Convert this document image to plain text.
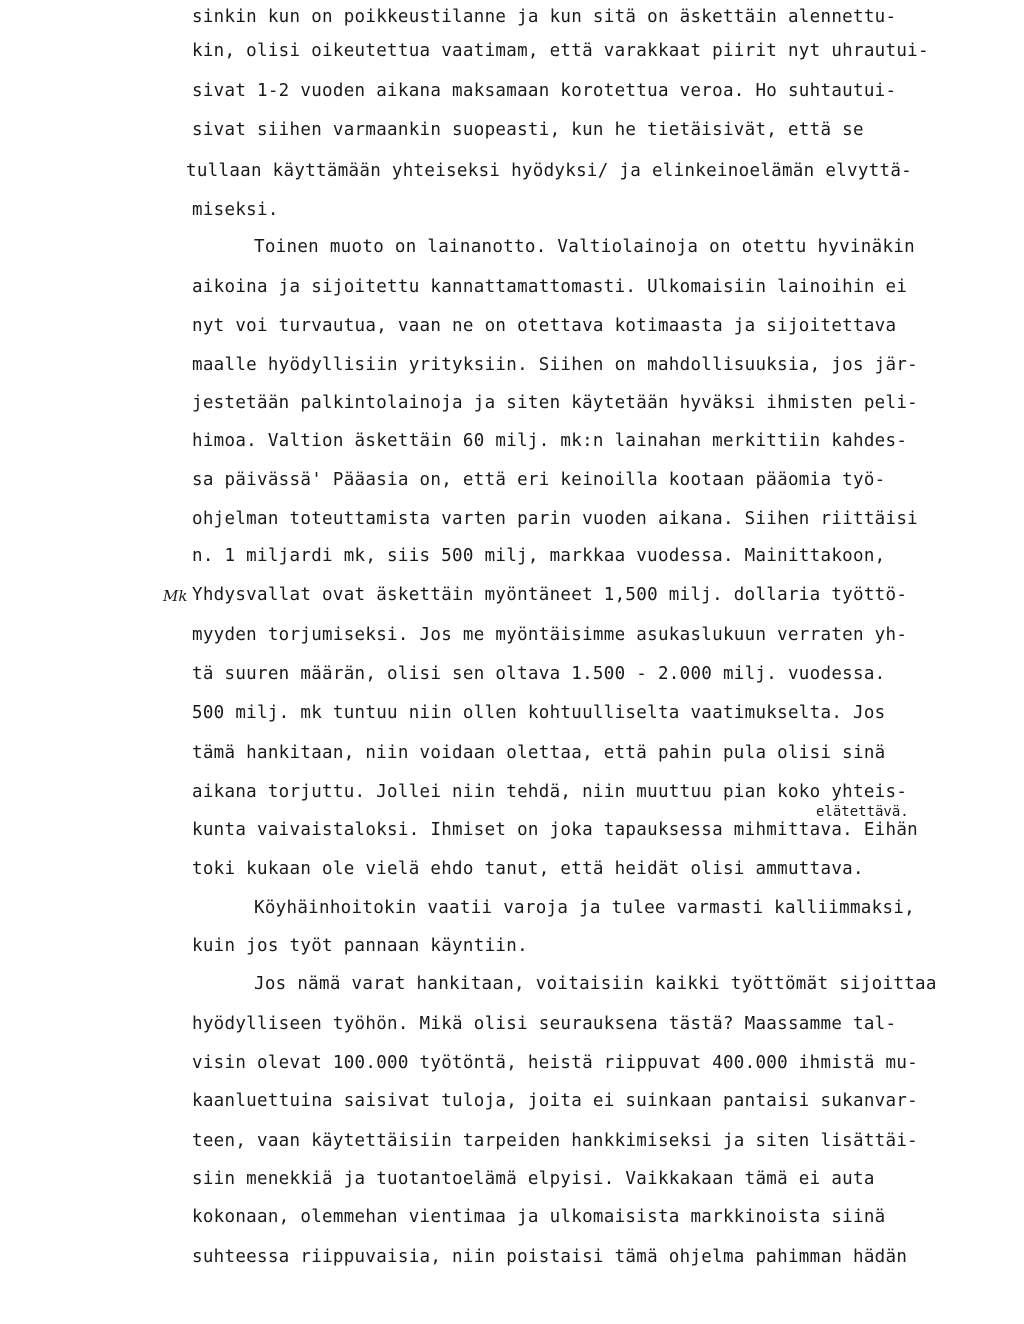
sinkin kun on poikkeustilanne ja kun sitä on äskettäin alennettu-
kin, olisi oikeutettua vaatimam, että varakkaat piirit nyt uhrautui-
sivat 1-2 vuoden aikana maksamaan korotettua veroa. Ho suhtautui-
sivat siihen varmaankin suopeasti, kun he tietäisivät, että se
tullaan käyttämään yhteiseksi hyödyksi/ ja elinkeinoelämän elvyttä-
miseksi.
Toinen muoto on lainanotto. Valtiolainoja on otettu hyvinäkin
aikoina ja sijoitettu kannattamattomasti. Ulkomaisiin lainoihin ei
nyt voi turvautua, vaan ne on otettava kotimaasta ja sijoitettava
maalle hyödyllisiin yrityksiin. Siihen on mahdollisuuksia, jos jär-
jestetään palkintolainoja ja siten käytetään hyväksi ihmisten peli-
himoa. Valtion äskettäin 60 milj. mk:n lainahan merkittiin kahdes-
sa päivässä' Pääasia on, että eri keinoilla kootaan pääomia työ-
ohjelman toteuttamista varten parin vuoden aikana. Siihen riittäisi
n. 1 miljardi mk, siis 500 milj, markkaa vuodessa. Mainittakoon,
Mk Yhdysvallat ovat äskettäin myöntäneet 1,500 milj. dollaria työttö-
myyden torjumiseksi. Jos me myöntäisimme asukaslukuun verraten yh-
tä suuren määrän, olisi sen oltava 1.500 - 2.000 milj. vuodessa.
500 milj. mk tuntuu niin ollen kohtuulliselta vaatimukselta. Jos
tämä hankitaan, niin voidaan olettaa, että pahin pula olisi sinä
aikana torjuttu. Jollei niin tehdä, niin muuttuu pian koko yhteis-
elätettävä.
kunta vaivaistaloksi. Ihmiset on joka tapauksessa mihmittava. Eihän
toki kukaan ole vielä ehdo tanut, että heidät olisi ammuttava.
Köyhäinhoitokin vaatii varoja ja tulee varmasti kalliimmaksi,
kuin jos työt pannaan käyntiin.
Jos nämä varat hankitaan, voitaisiin kaikki työttömät sijoittaa
hyödylliseen työhön. Mikä olisi seurauksena tästä? Maassamme tal-
visin olevat 100.000 työtöntä, heistä riippuvat 400.000 ihmistä mu-
kaanluettuina saisivat tuloja, joita ei suinkaan pantaisi sukanvar-
teen, vaan käytettäisiin tarpeiden hankkimiseksi ja siten lisättäi-
siin menekkiä ja tuotantoelämä elpyisi. Vaikkakaan tämä ei auta
kokonaan, olemmehan vientimaa ja ulkomaisista markkinoista siinä
suhteessa riippuvaisia, niin poistaisi tämä ohjelma pahimman hädän
